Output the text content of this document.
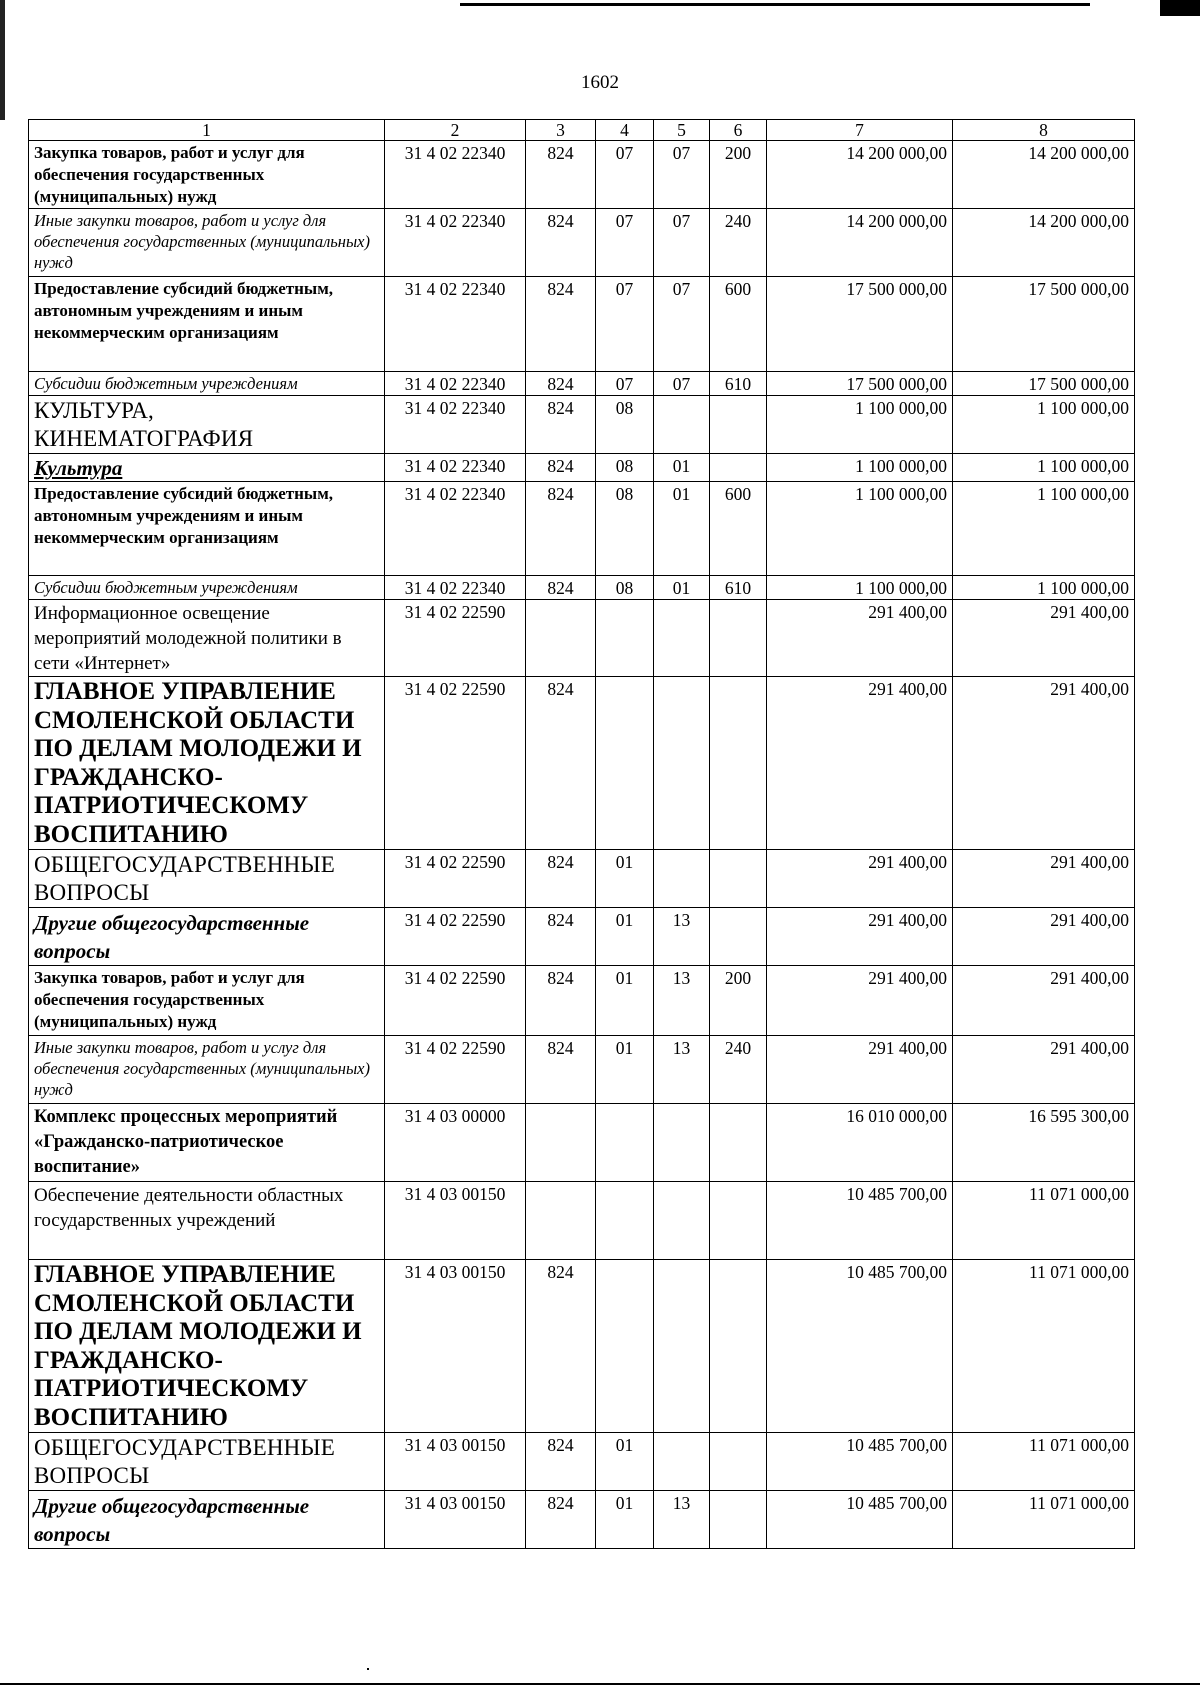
1602
1	2	3	4	5	6	7	8
Закупка товаров, работ и услуг для обеспечения государственных (муниципальных) нужд	31 4 02 22340	824	07	07	200	14 200 000,00	14 200 000,00
Иные закупки товаров, работ и услуг для обеспечения государственных (муниципальных) нужд	31 4 02 22340	824	07	07	240	14 200 000,00	14 200 000,00
Предоставление субсидий бюджетным, автономным учреждениям и иным некоммерческим организациям	31 4 02 22340	824	07	07	600	17 500 000,00	17 500 000,00
Субсидии бюджетным учреждениям	31 4 02 22340	824	07	07	610	17 500 000,00	17 500 000,00
КУЛЬТУРА, КИНЕМАТОГРАФИЯ	31 4 02 22340	824	08			1 100 000,00	1 100 000,00
Культура	31 4 02 22340	824	08	01		1 100 000,00	1 100 000,00
Предоставление субсидий бюджетным, автономным учреждениям и иным некоммерческим организациям	31 4 02 22340	824	08	01	600	1 100 000,00	1 100 000,00
Субсидии бюджетным учреждениям	31 4 02 22340	824	08	01	610	1 100 000,00	1 100 000,00
Информационное освещение мероприятий молодежной политики в сети «Интернет»	31 4 02 22590					291 400,00	291 400,00
ГЛАВНОЕ УПРАВЛЕНИЕ СМОЛЕНСКОЙ ОБЛАСТИ ПО ДЕЛАМ МОЛОДЕЖИ И ГРАЖДАНСКО-ПАТРИОТИЧЕСКОМУ ВОСПИТАНИЮ	31 4 02 22590	824				291 400,00	291 400,00
ОБЩЕГОСУДАРСТВЕННЫЕ ВОПРОСЫ	31 4 02 22590	824	01			291 400,00	291 400,00
Другие общегосударственные вопросы	31 4 02 22590	824	01	13		291 400,00	291 400,00
Закупка товаров, работ и услуг для обеспечения государственных (муниципальных) нужд	31 4 02 22590	824	01	13	200	291 400,00	291 400,00
Иные закупки товаров, работ и услуг для обеспечения государственных (муниципальных) нужд	31 4 02 22590	824	01	13	240	291 400,00	291 400,00
Комплекс процессных мероприятий «Гражданско-патриотическое воспитание»	31 4 03 00000					16 010 000,00	16 595 300,00
Обеспечение деятельности областных государственных учреждений	31 4 03 00150					10 485 700,00	11 071 000,00
ГЛАВНОЕ УПРАВЛЕНИЕ СМОЛЕНСКОЙ ОБЛАСТИ ПО ДЕЛАМ МОЛОДЕЖИ И ГРАЖДАНСКО-ПАТРИОТИЧЕСКОМУ ВОСПИТАНИЮ	31 4 03 00150	824				10 485 700,00	11 071 000,00
ОБЩЕГОСУДАРСТВЕННЫЕ ВОПРОСЫ	31 4 03 00150	824	01			10 485 700,00	11 071 000,00
Другие общегосударственные вопросы	31 4 03 00150	824	01	13		10 485 700,00	11 071 000,00
